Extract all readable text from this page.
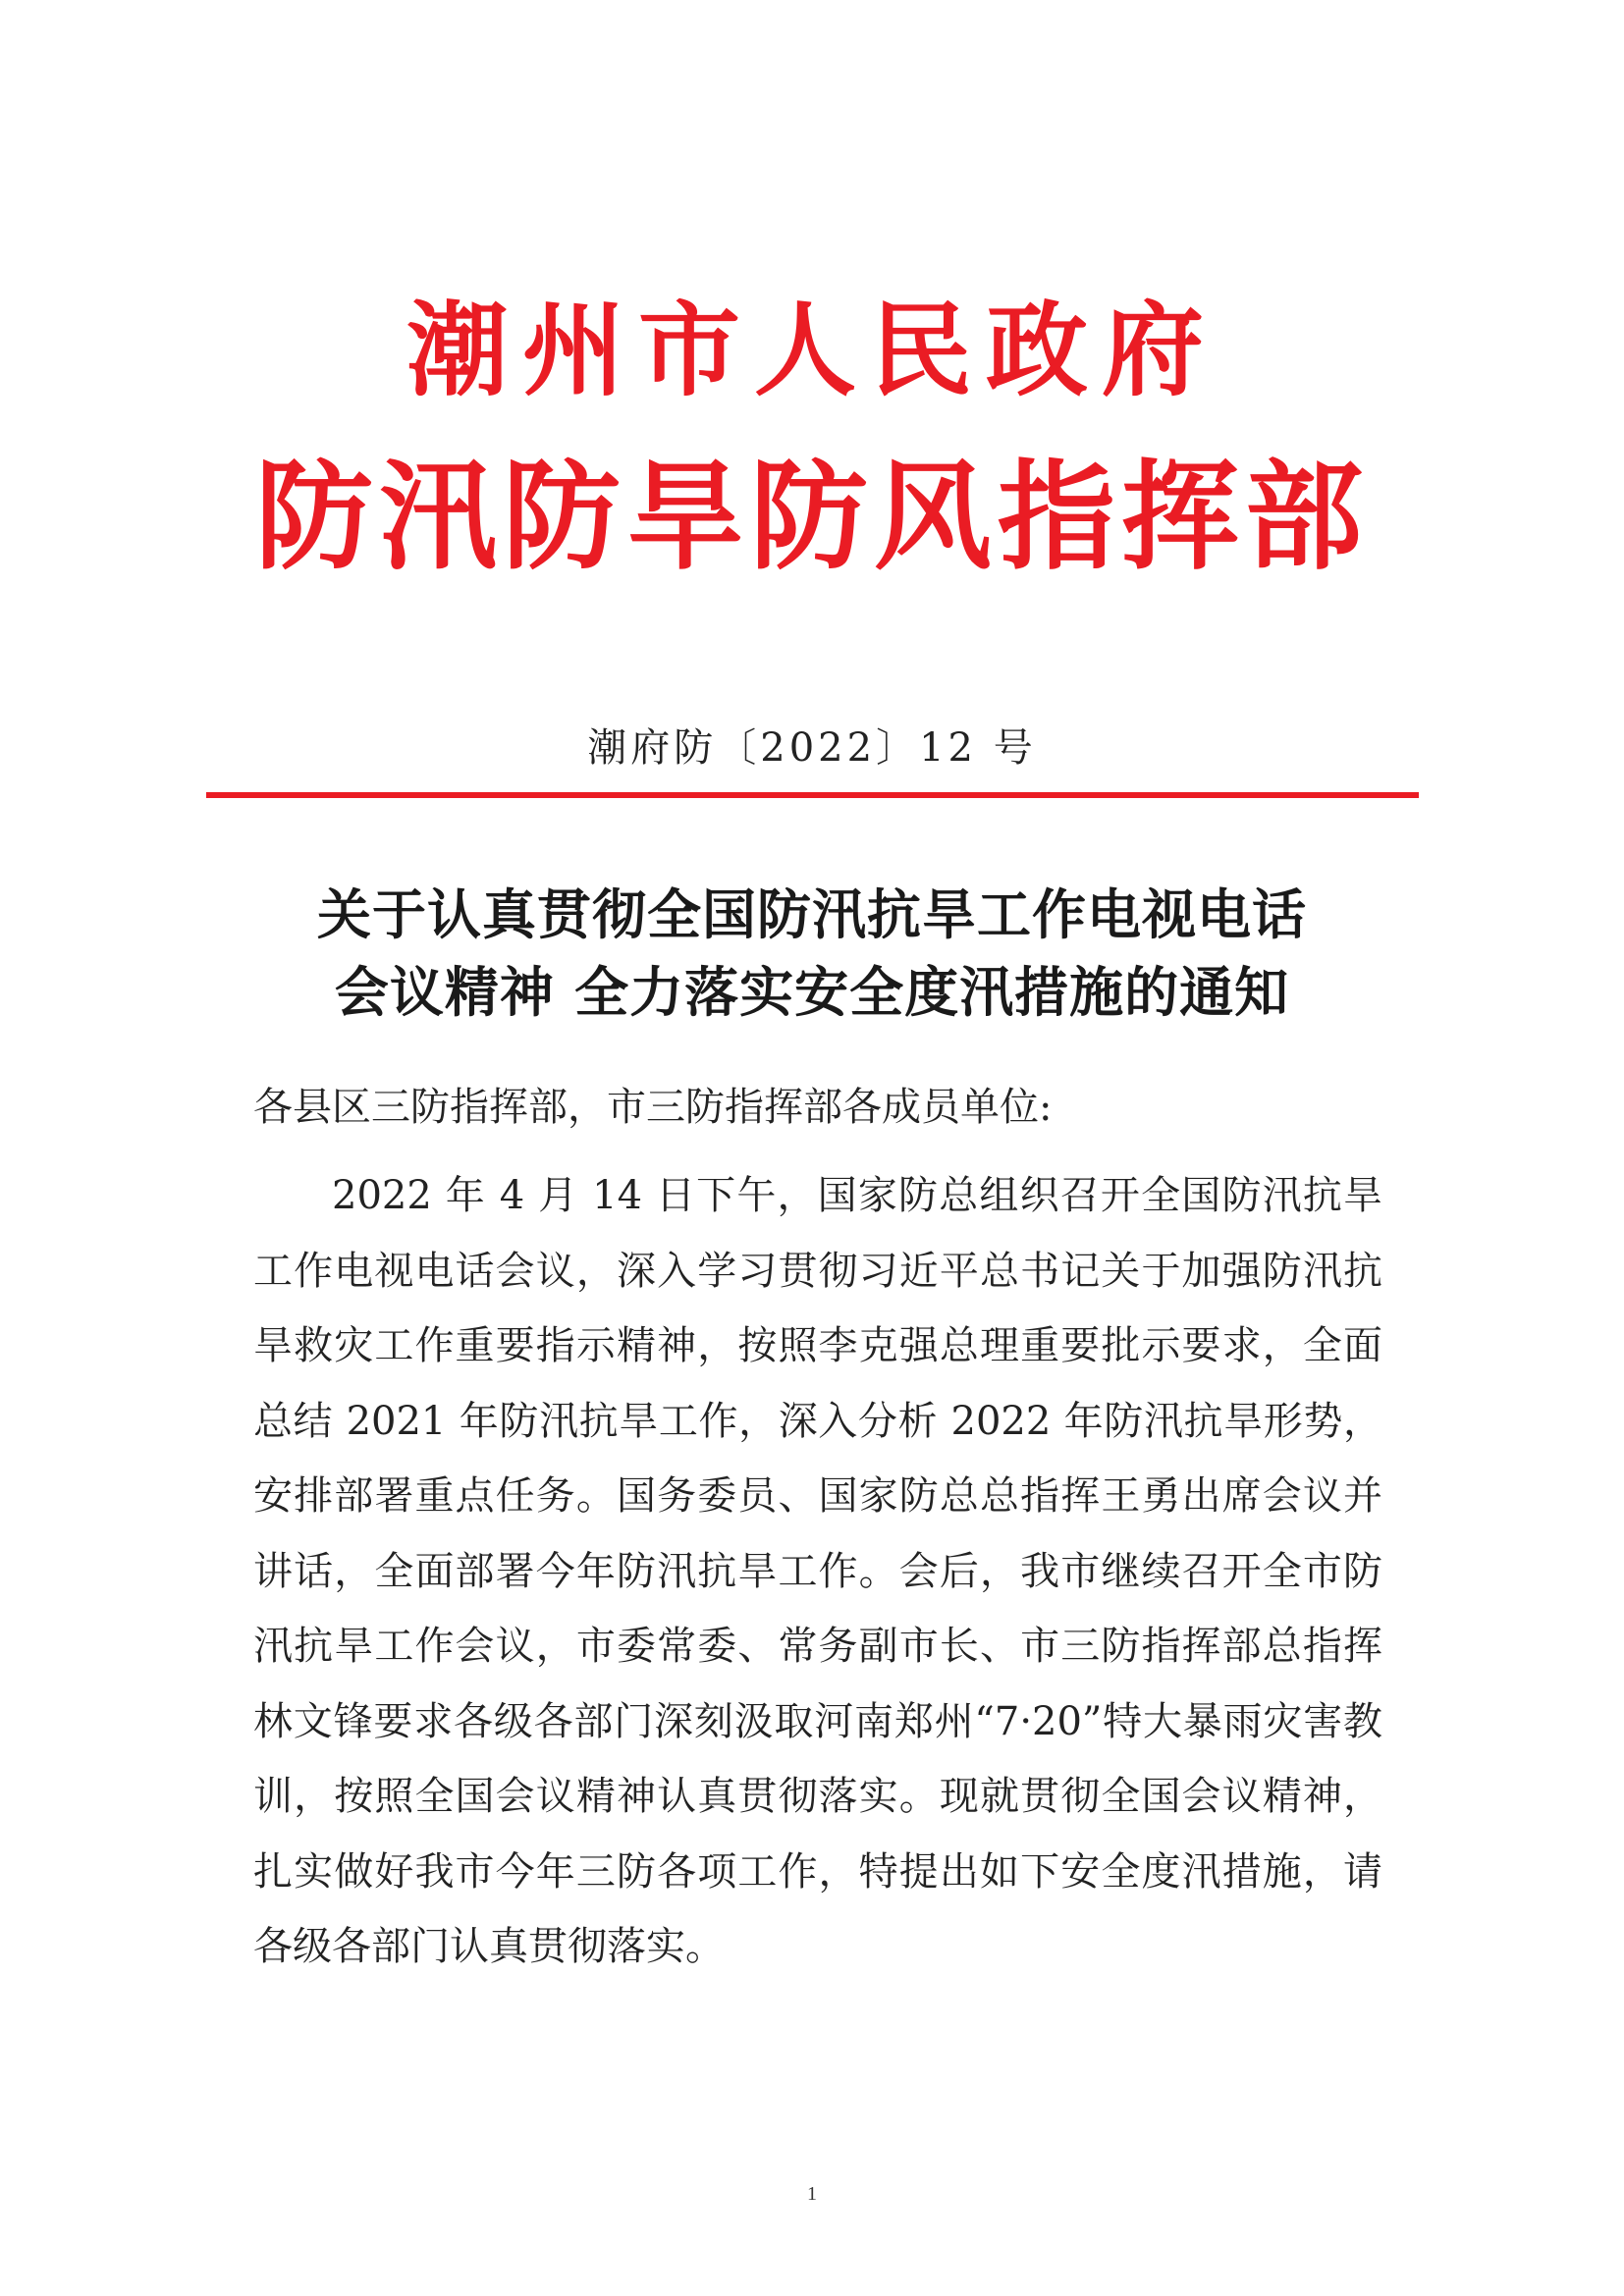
潮州市人民政府
防汛防旱防风指挥部
潮府防〔2022〕12 号
关于认真贯彻全国防汛抗旱工作电视电话
会议精神 全力落实安全度汛措施的通知
各县区三防指挥部，市三防指挥部各成员单位:

2022 年 4 月 14 日下午，国家防总组织召开全国防汛抗旱工作电视电话会议，深入学习贯彻习近平总书记关于加强防汛抗旱救灾工作重要指示精神，按照李克强总理重要批示要求，全面总结 2021 年防汛抗旱工作，深入分析 2022 年防汛抗旱形势，安排部署重点任务。国务委员、国家防总总指挥王勇出席会议并讲话，全面部署今年防汛抗旱工作。会后，我市继续召开全市防汛抗旱工作会议，市委常委、常务副市长、市三防指挥部总指挥林文锋要求各级各部门深刻汲取河南郑州“7·20”特大暴雨灾害教训，按照全国会议精神认真贯彻落实。现就贯彻全国会议精神，扎实做好我市今年三防各项工作，特提出如下安全度汛措施，请各级各部门认真贯彻落实。

1
